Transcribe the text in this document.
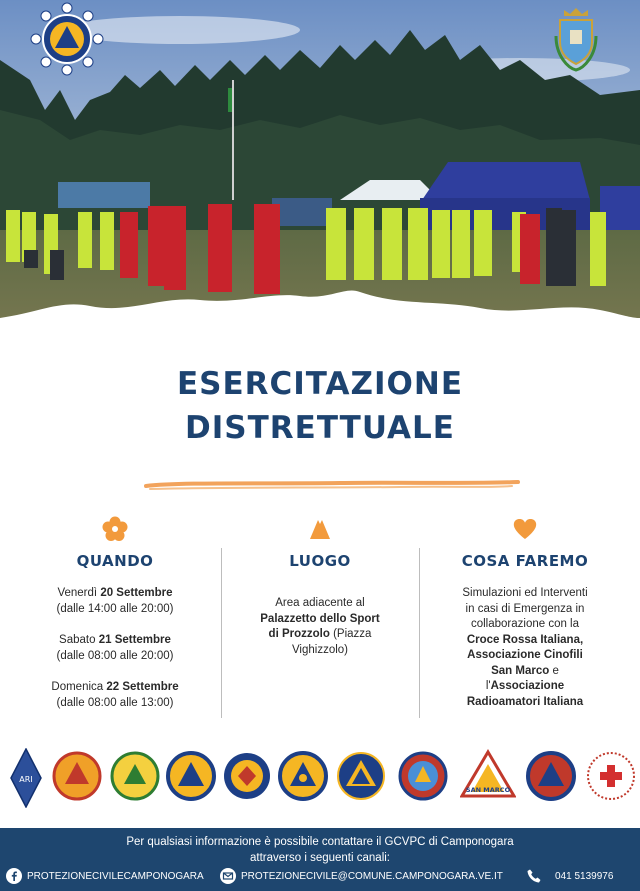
ESERCITAZIONE
DISTRETTUALE
QUANDO

Venerdì 20 Settembre

(dalle 14:00 alle 20:00)

Sabato 21 Settembre

(dalle 08:00 alle 20:00)

Domenica 22 Settembre

(dalle 08:00 alle 13:00)

LUOGO

Area adiacente al

Palazzetto dello Sport

di Prozzolo (Piazza

Vighizzolo)

COSA FAREMO

Simulazioni ed Interventi

in casi di Emergenza in

collaborazione con la

Croce Rossa Italiana,

Associazione Cinofili

San Marco e

l'Associazione

Radioamatori Italiana

ARI
SAN MARCO
Per qualsiasi informazione è possibile contattare il GCVPC di Camponogara
attraverso i seguenti canali:
PROTEZIONECIVILECAMPONOGARA	PROTEZIONECIVILE@COMUNE.CAMPONOGARA.VE.IT	041 5139976
